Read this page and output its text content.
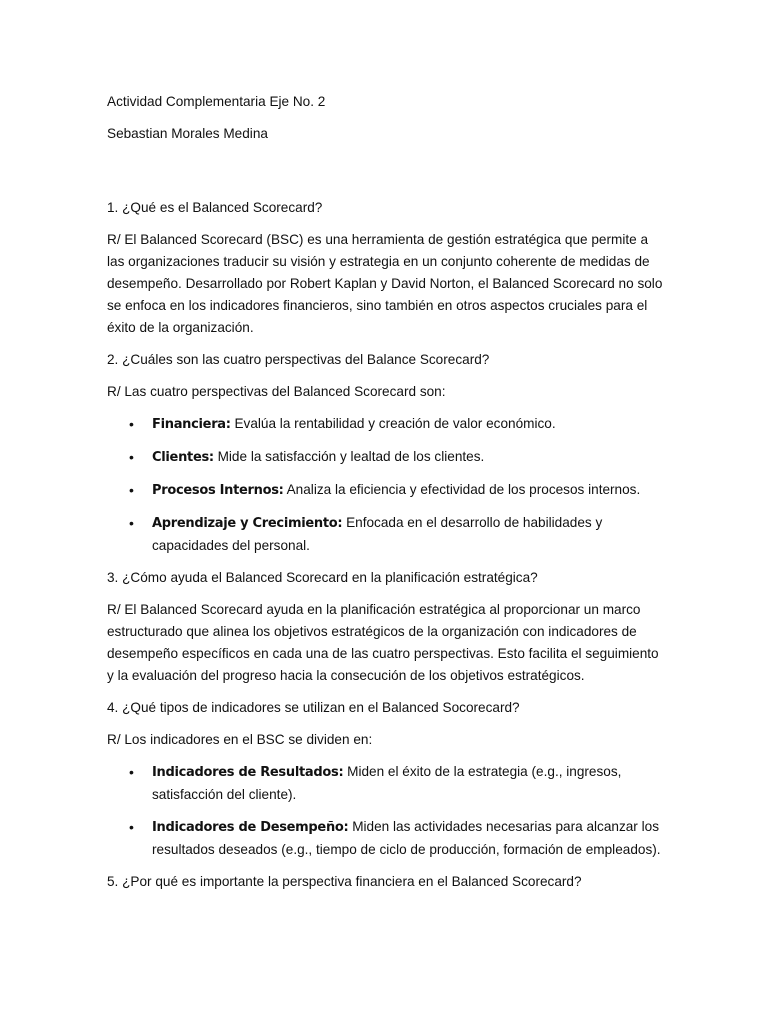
Actividad Complementaria Eje No. 2

Sebastian Morales Medina

1. ¿Qué es el Balanced Scorecard?

R/ El Balanced Scorecard (BSC) es una herramienta de gestión estratégica que permite a las organizaciones traducir su visión y estrategia en un conjunto coherente de medidas de desempeño. Desarrollado por Robert Kaplan y David Norton, el Balanced Scorecard no solo se enfoca en los indicadores financieros, sino también en otros aspectos cruciales para el éxito de la organización.

2. ¿Cuáles son las cuatro perspectivas del Balance Scorecard?

R/ Las cuatro perspectivas del Balanced Scorecard son:

• Financiera: Evalúa la rentabilidad y creación de valor económico.
• Clientes: Mide la satisfacción y lealtad de los clientes.
• Procesos Internos: Analiza la eficiencia y efectividad de los procesos internos.
• Aprendizaje y Crecimiento: Enfocada en el desarrollo de habilidades y capacidades del personal.

3. ¿Cómo ayuda el Balanced Scorecard en la planificación estratégica?

R/ El Balanced Scorecard ayuda en la planificación estratégica al proporcionar un marco estructurado que alinea los objetivos estratégicos de la organización con indicadores de desempeño específicos en cada una de las cuatro perspectivas. Esto facilita el seguimiento y la evaluación del progreso hacia la consecución de los objetivos estratégicos.

4. ¿Qué tipos de indicadores se utilizan en el Balanced Socorecard?

R/ Los indicadores en el BSC se dividen en:

• Indicadores de Resultados: Miden el éxito de la estrategia (e.g., ingresos, satisfacción del cliente).
• Indicadores de Desempeño: Miden las actividades necesarias para alcanzar los resultados deseados (e.g., tiempo de ciclo de producción, formación de empleados).

5. ¿Por qué es importante la perspectiva financiera en el Balanced Scorecard?
